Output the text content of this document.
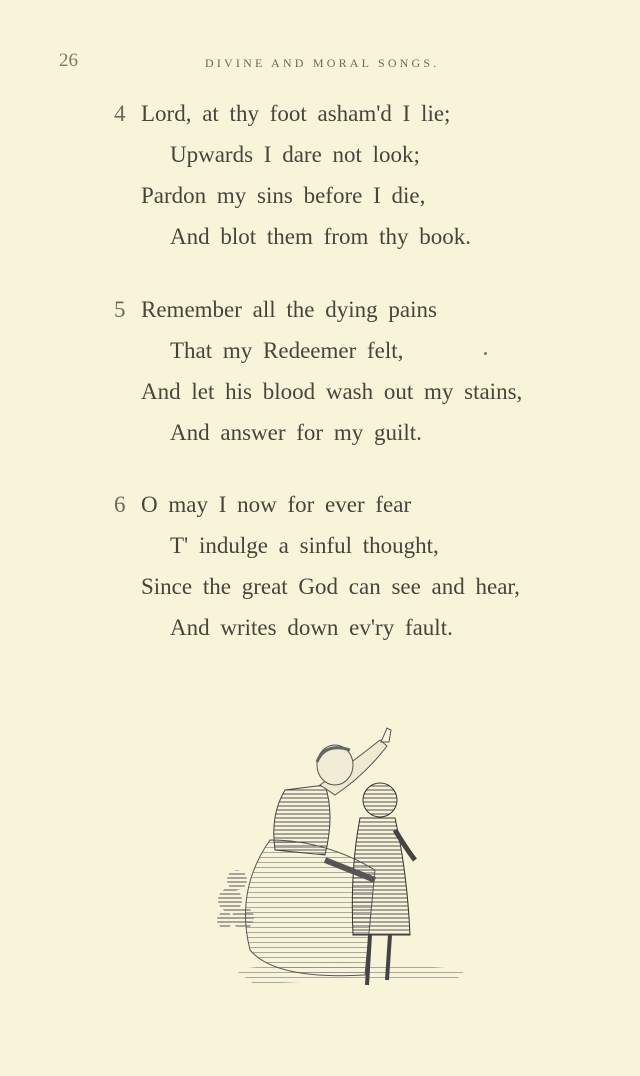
26	DIVINE AND MORAL SONGS.
4 Lord, at thy foot asham'd I lie;
Upwards I dare not look;
Pardon my sins before I die,
And blot them from thy book.
5 Remember all the dying pains
That my Redeemer felt,
And let his blood wash out my stains,
And answer for my guilt.
6 O may I now for ever fear
T' indulge a sinful thought,
Since the great God can see and hear,
And writes down ev'ry fault.
